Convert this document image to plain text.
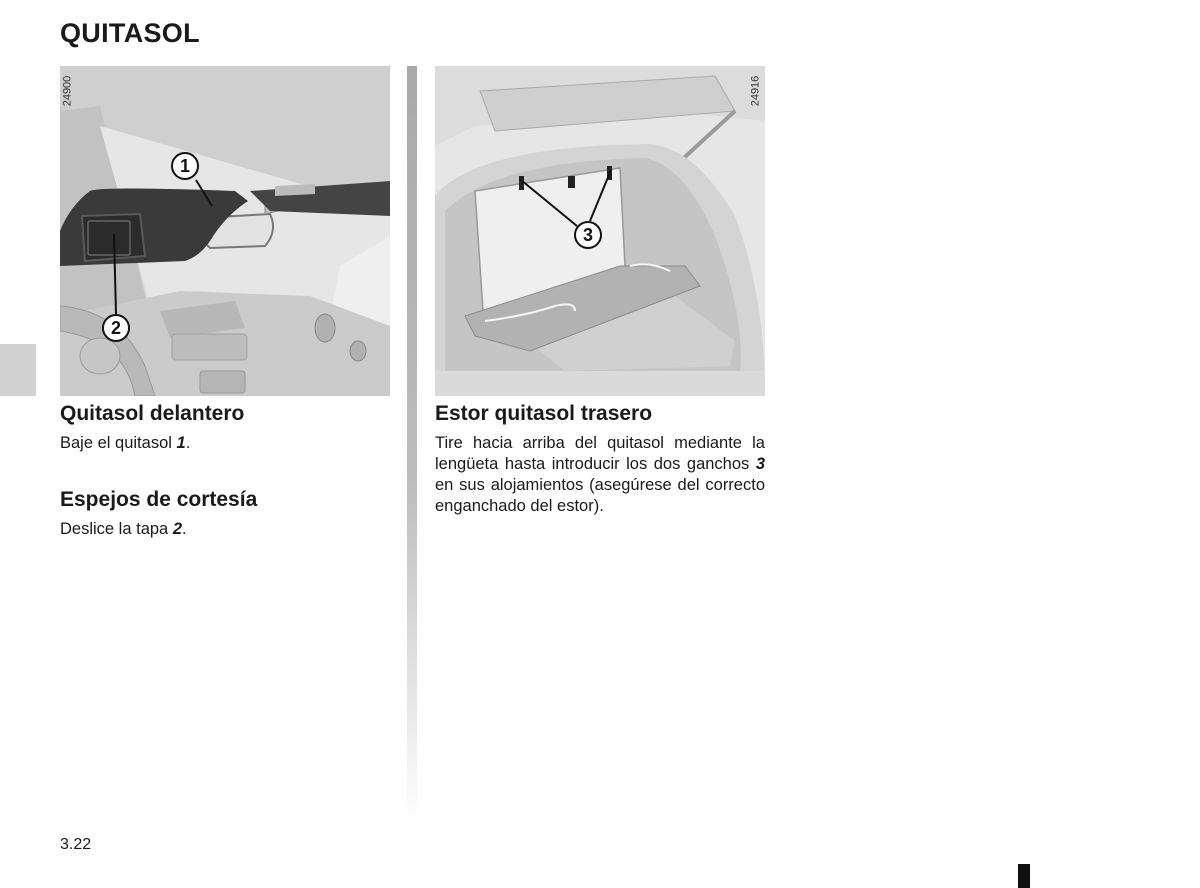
QUITASOL
24900
1
2
24916
3
Quitasol delantero

Baje el quitasol 1.

Espejos de cortesía

Deslice la tapa 2.

Estor quitasol trasero

Tire hacia arriba del quitasol mediante la lengüeta hasta introducir los dos ganchos 3 en sus alojamientos (asegúrese del correcto enganchado del estor).

3.22
